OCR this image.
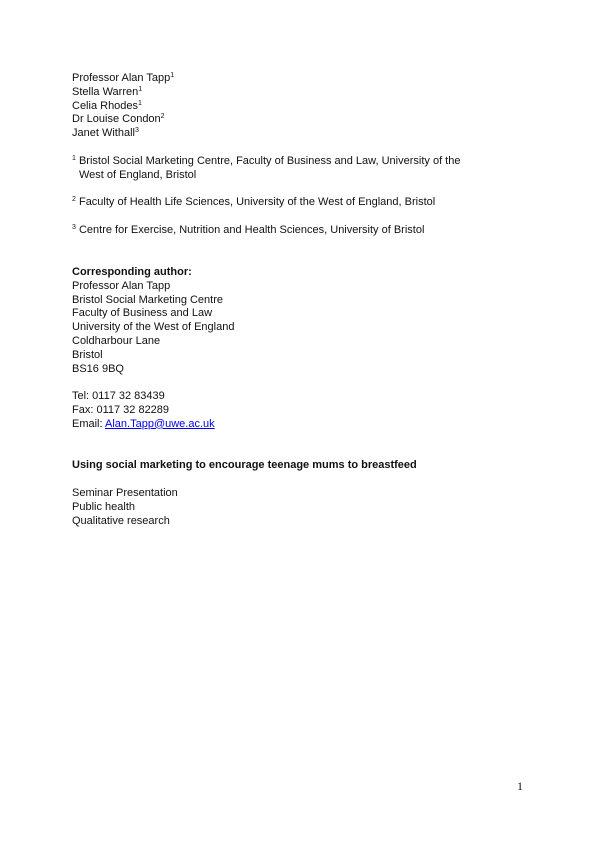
Professor Alan Tapp$^1$
Stella Warren$^1$
Celia Rhodes$^1$
Dr Louise Condon$^2$
Janet Withall$^3$
$^1$ Bristol Social Marketing Centre, Faculty of Business and Law, University of the
West of England, Bristol
$^2$ Faculty of Health Life Sciences, University of the West of England, Bristol
$^3$ Centre for Exercise, Nutrition and Health Sciences, University of Bristol
Corresponding author:
Professor Alan Tapp
Bristol Social Marketing Centre
Faculty of Business and Law
University of the West of England
Coldharbour Lane
Bristol
BS16 9BQ
Tel: 0117 32 83439
Fax: 0117 32 82289
Email: Alan.Tapp@uwe.ac.uk
Using social marketing to encourage teenage mums to breastfeed
Seminar Presentation
Public health
Qualitative research
1
